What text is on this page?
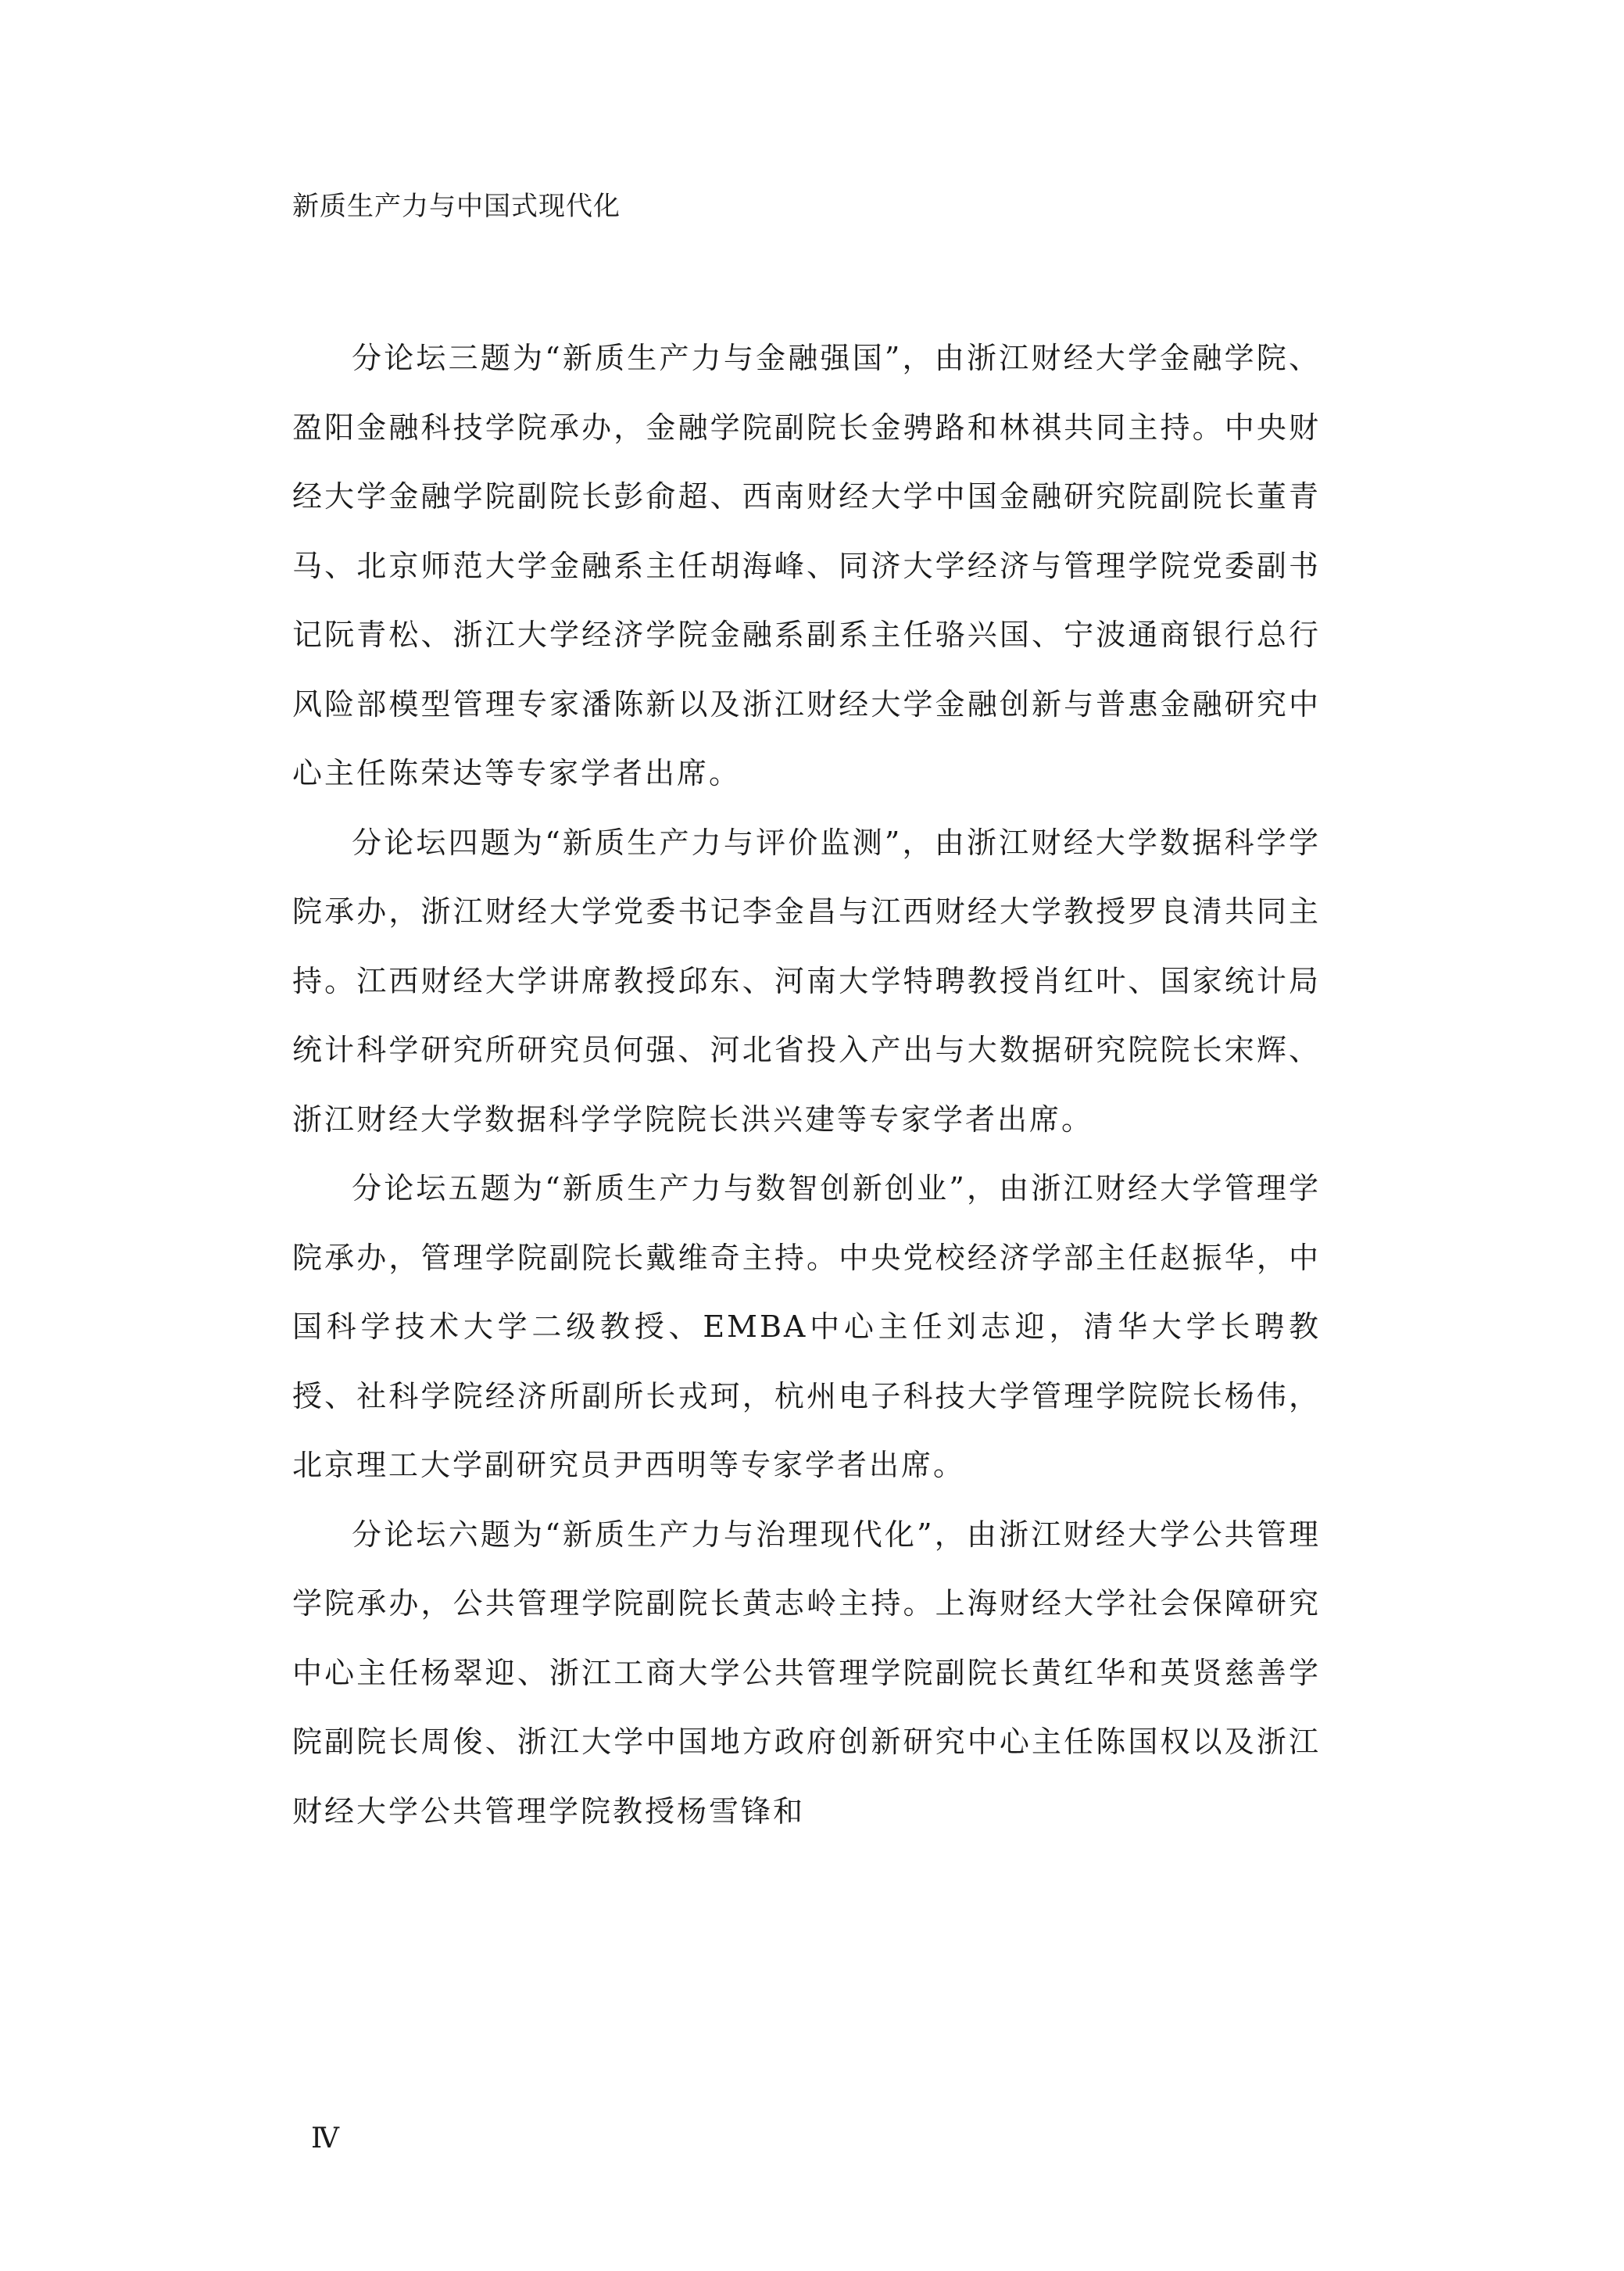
新质生产力与中国式现代化

分论坛三题为“新质生产力与金融强国”，由浙江财经大学金融学院、盈阳金融科技学院承办，金融学院副院长金骋路和林祺共同主持。中央财经大学金融学院副院长彭俞超、西南财经大学中国金融研究院副院长董青马、北京师范大学金融系主任胡海峰、同济大学经济与管理学院党委副书记阮青松、浙江大学经济学院金融系副系主任骆兴国、宁波通商银行总行风险部模型管理专家潘陈新以及浙江财经大学金融创新与普惠金融研究中心主任陈荣达等专家学者出席。

分论坛四题为“新质生产力与评价监测”，由浙江财经大学数据科学学院承办，浙江财经大学党委书记李金昌与江西财经大学教授罗良清共同主持。江西财经大学讲席教授邱东、河南大学特聘教授肖红叶、国家统计局统计科学研究所研究员何强、河北省投入产出与大数据研究院院长宋辉、浙江财经大学数据科学学院院长洪兴建等专家学者出席。

分论坛五题为“新质生产力与数智创新创业”，由浙江财经大学管理学院承办，管理学院副院长戴维奇主持。中央党校经济学部主任赵振华，中国科学技术大学二级教授、EMBA中心主任刘志迎，清华大学长聘教授、社科学院经济所副所长戎珂，杭州电子科技大学管理学院院长杨伟，北京理工大学副研究员尹西明等专家学者出席。

分论坛六题为“新质生产力与治理现代化”，由浙江财经大学公共管理学院承办，公共管理学院副院长黄志岭主持。上海财经大学社会保障研究中心主任杨翠迎、浙江工商大学公共管理学院副院长黄红华和英贤慈善学院副院长周俊、浙江大学中国地方政府创新研究中心主任陈国权以及浙江财经大学公共管理学院教授杨雪锋和

Ⅳ
